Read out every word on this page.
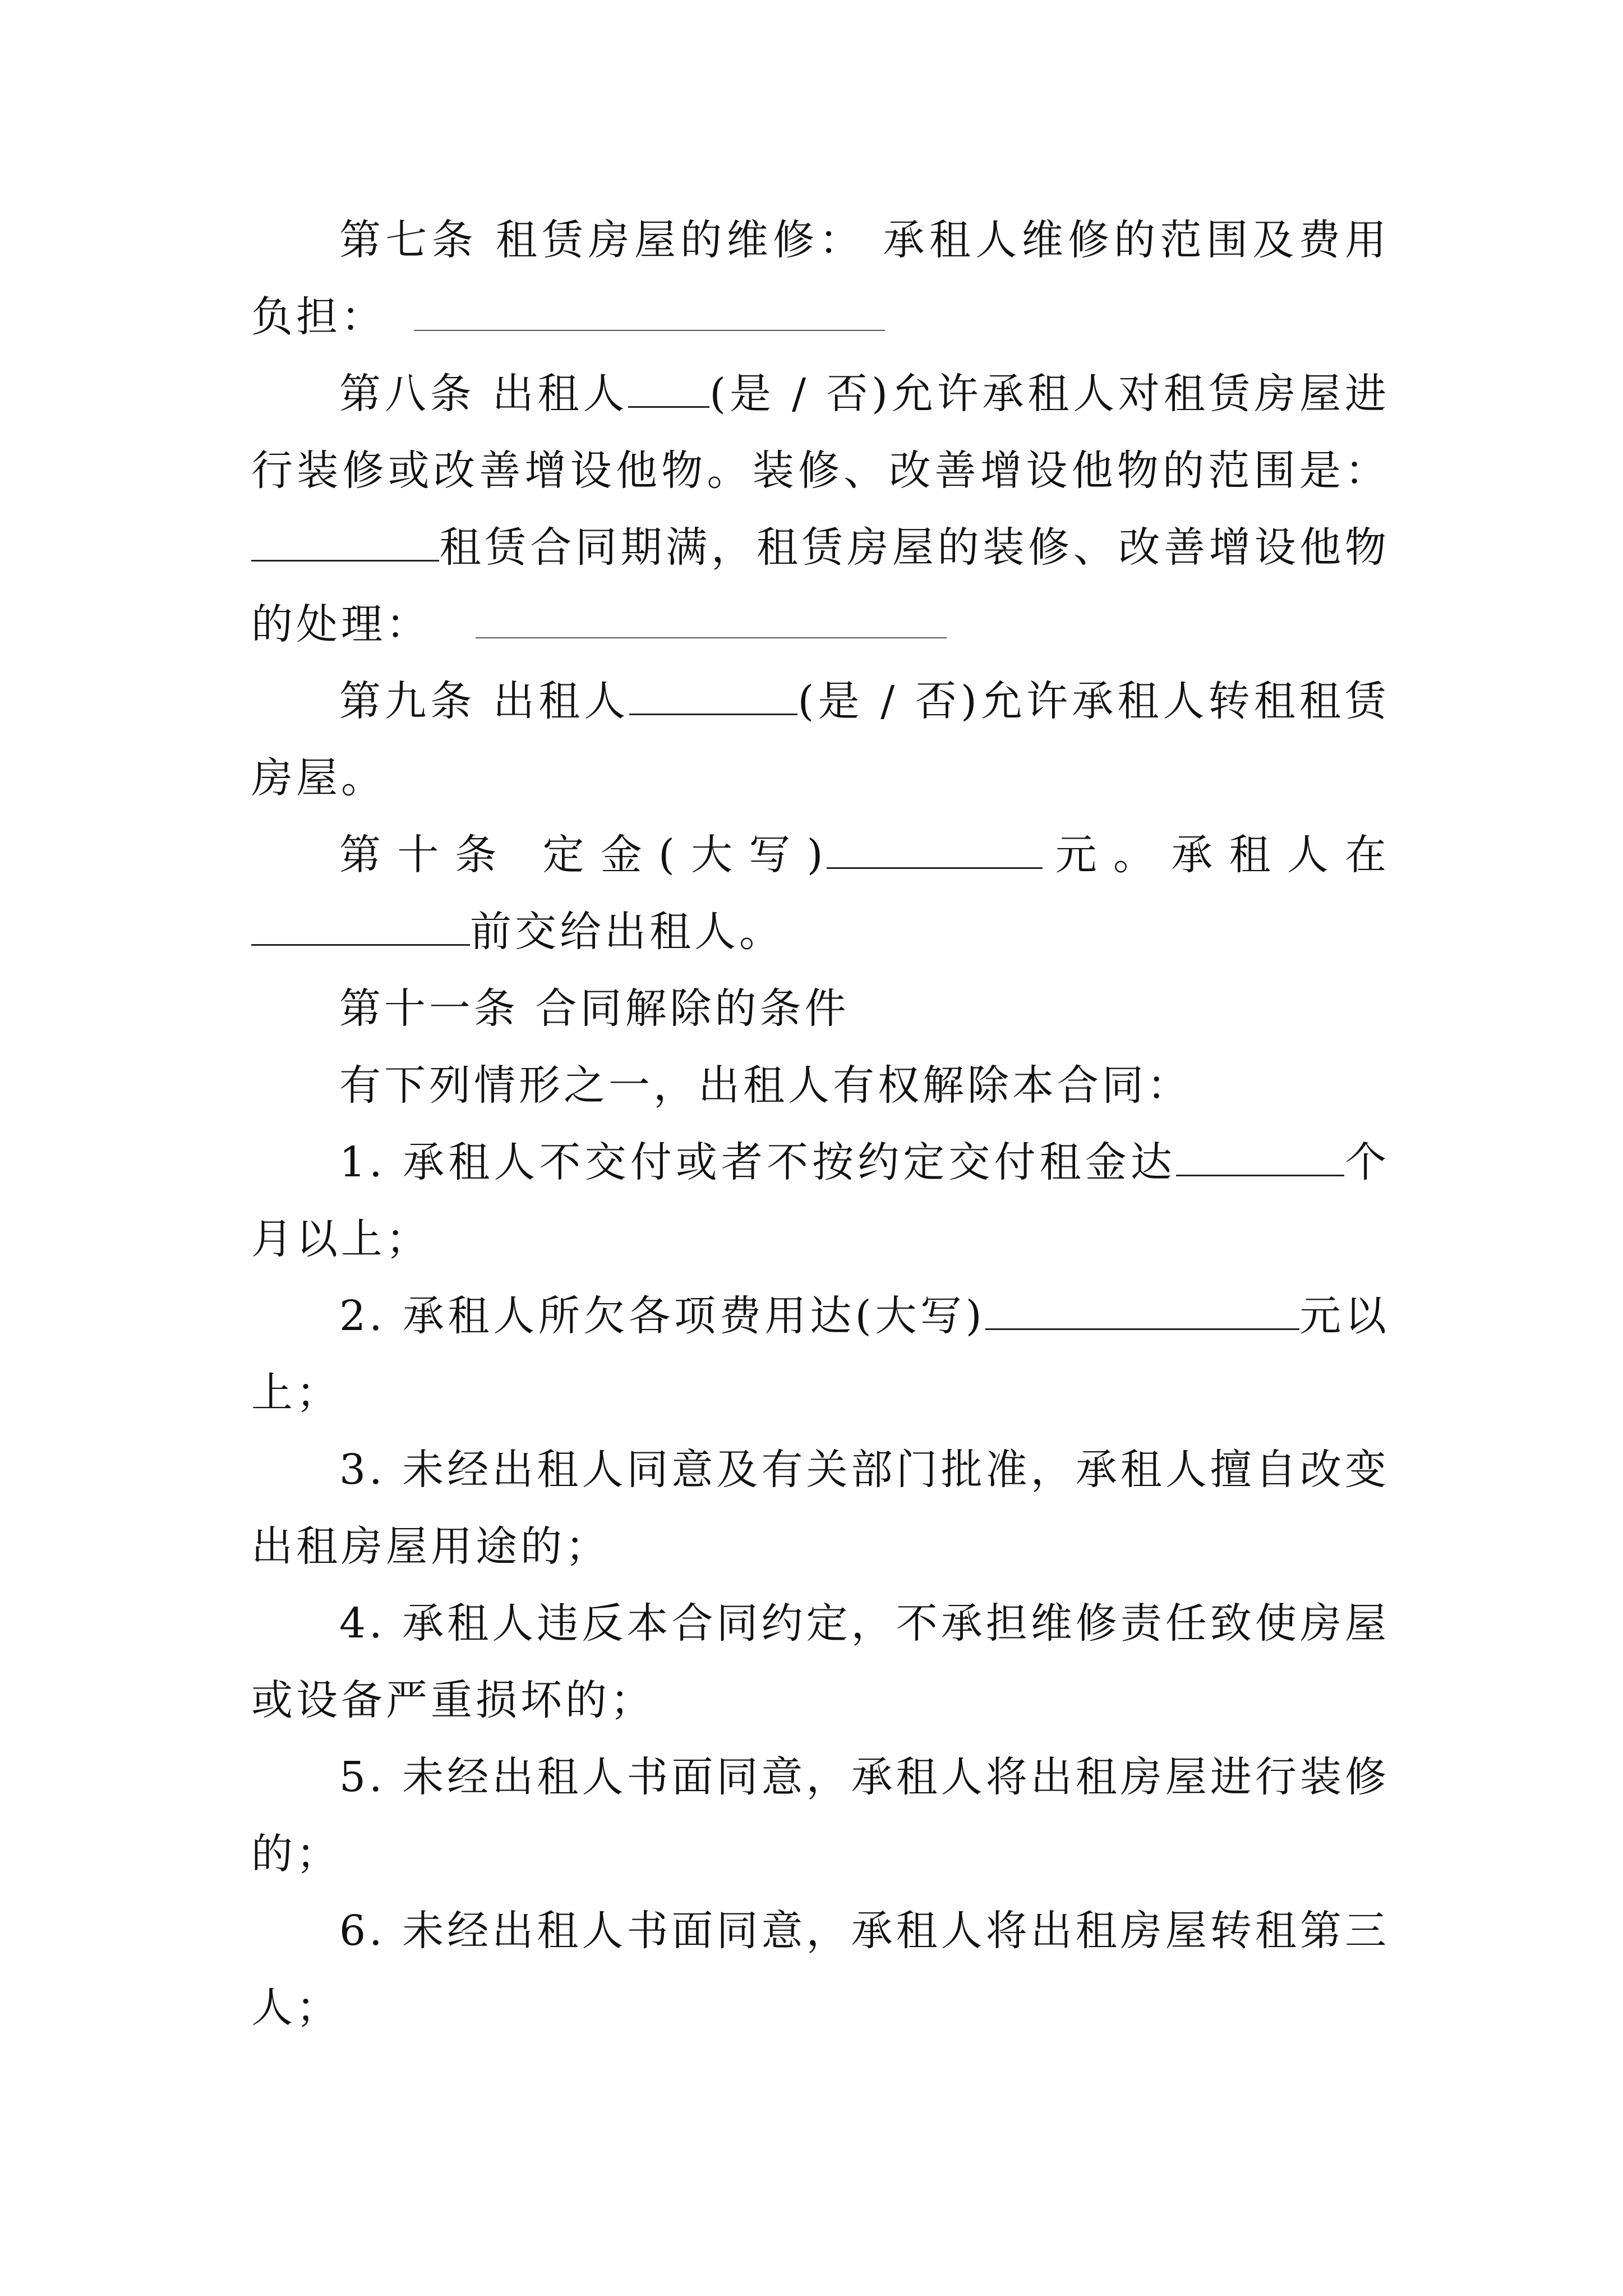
第七条 租赁房屋的维修： 承租人维修的范围及费用负担：

第八条 出租人 (是 / 否)允许承租人对租赁房屋进行装修或改善增设他物。装修、改善增设他物的范围是：租赁合同期满，租赁房屋的装修、改善增设他物的处理：

第九条 出租人	(是 / 否)允许承租人转租租赁房屋。

第十条 定金(大写)	元。承租人在前交给出租人。

第十一条 合同解除的条件

有下列情形之一，出租人有权解除本合同：

1. 承租人不交付或者不按约定交付租金达	个月以上；

2. 承租人所欠各项费用达(大写)	元以上；

3. 未经出租人同意及有关部门批准，承租人擅自改变出租房屋用途的；

4. 承租人违反本合同约定，不承担维修责任致使房屋或设备严重损坏的；

5. 未经出租人书面同意，承租人将出租房屋进行装修的；

6. 未经出租人书面同意，承租人将出租房屋转租第三人；
